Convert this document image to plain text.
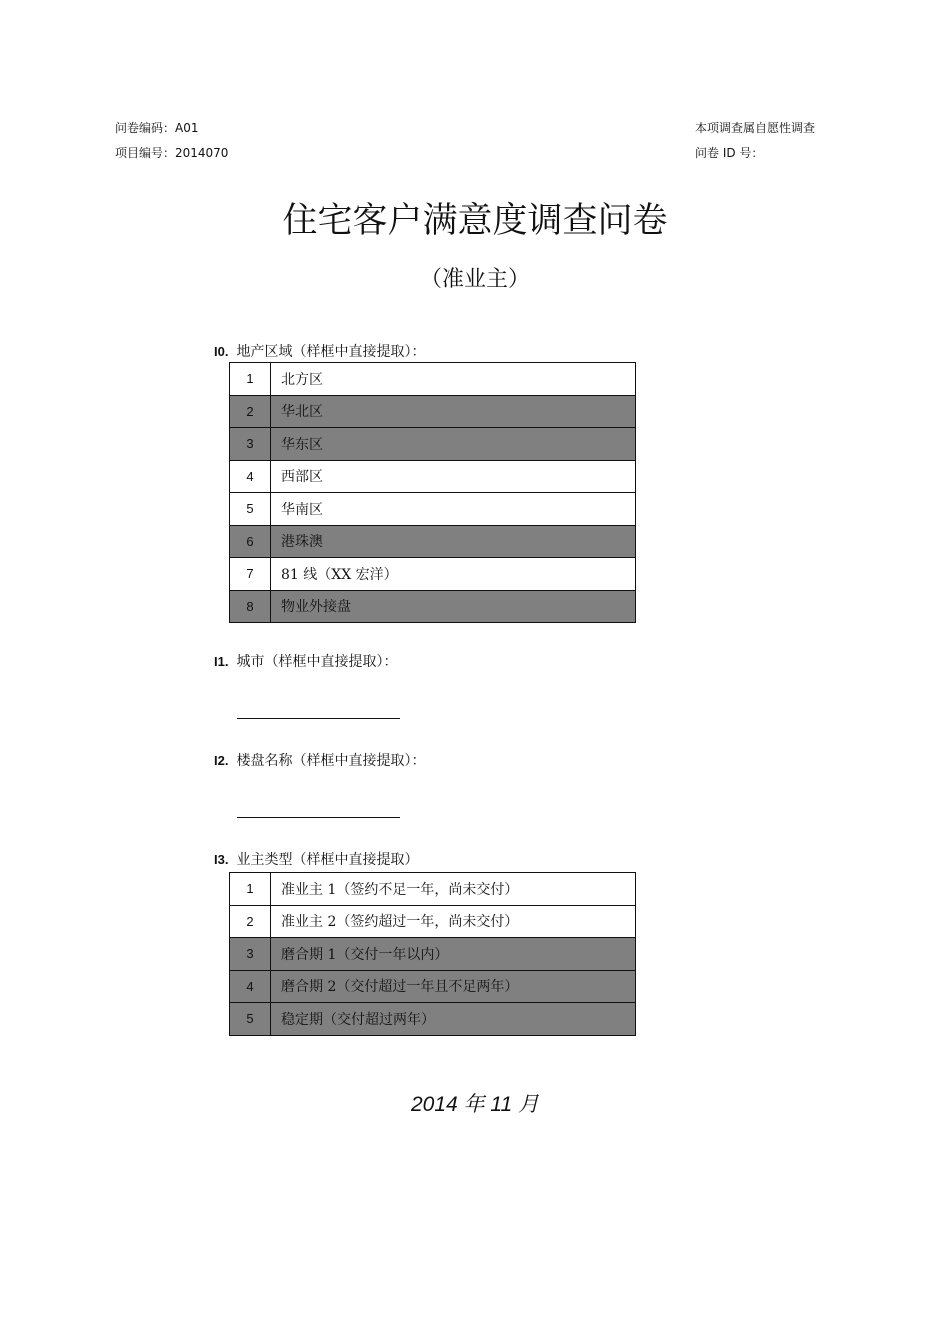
问卷编码：A01
项目编号：2014070
本项调查属自愿性调查
问卷 ID 号：
住宅客户满意度调查问卷
（准业主）
I0. 地产区域（样框中直接提取）：
1	北方区
2	华北区
3	华东区
4	西部区
5	华南区
6	港珠澳
7	81 线（XX 宏洋）
8	物业外接盘
I1. 城市（样框中直接提取）：
I2. 楼盘名称（样框中直接提取）：
I3. 业主类型（样框中直接提取）
1	准业主 1（签约不足一年，尚未交付）
2	准业主 2（签约超过一年，尚未交付）
3	磨合期 1（交付一年以内）
4	磨合期 2（交付超过一年且不足两年）
5	稳定期（交付超过两年）
2014 年 11 月
